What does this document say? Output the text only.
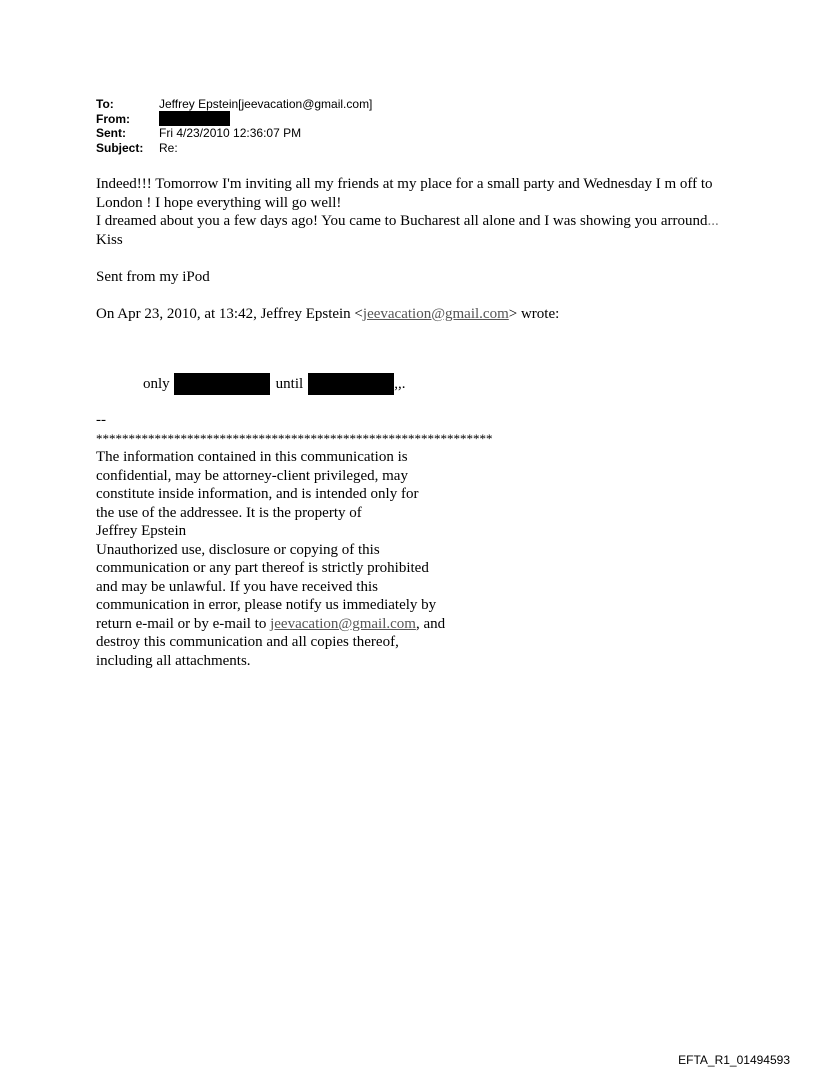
To:	Jeffrey Epstein[jeevacation@gmail.com]
From:
Sent:	Fri 4/23/2010 12:36:07 PM
Subject:	Re:

Indeed!!! Tomorrow I'm inviting all my friends at my place for a small party and Wednesday I m off to London ! I hope everything will go well!

I dreamed about you a few days ago! You came to Bucharest all alone and I was showing you arround...

Kiss

Sent from my iPod

On Apr 23, 2010, at 13:42, Jeffrey Epstein <jeevacation@gmail.com> wrote:

only	until	,,.

--

*************************************************************

The information contained in this communication is

confidential, may be attorney-client privileged, may

constitute inside information, and is intended only for

the use of the addressee. It is the property of

Jeffrey Epstein

Unauthorized use, disclosure or copying of this

communication or any part thereof is strictly prohibited

and may be unlawful. If you have received this

communication in error, please notify us immediately by

return e-mail or by e-mail to jeevacation@gmail.com, and

destroy this communication and all copies thereof,

including all attachments.

EFTA_R1_01494593
